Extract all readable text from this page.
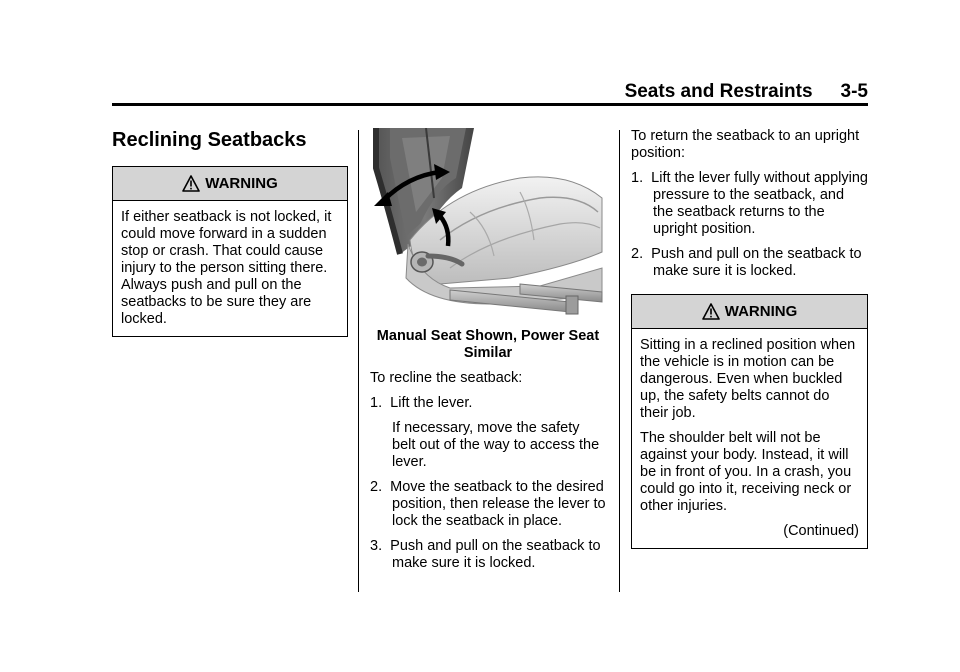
Seats and Restraints 3-5
Reclining Seatbacks
WARNING

If either seatback is not locked, it could move forward in a sudden stop or crash. That could cause injury to the person sitting there. Always push and pull on the seatbacks to be sure they are locked.

Manual Seat Shown, Power Seat Similar

To recline the seatback:

1. Lift the lever.
If necessary, move the safety belt out of the way to access the lever.
2. Move the seatback to the desired position, then release the lever to lock the seatback in place.
3. Push and pull on the seatback to make sure it is locked.

To return the seatback to an upright position:

1. Lift the lever fully without applying pressure to the seatback, and the seatback returns to the upright position.
2. Push and pull on the seatback to make sure it is locked.
WARNING

Sitting in a reclined position when the vehicle is in motion can be dangerous. Even when buckled up, the safety belts cannot do their job.

The shoulder belt will not be against your body. Instead, it will be in front of you. In a crash, you could go into it, receiving neck or other injuries.

(Continued)
